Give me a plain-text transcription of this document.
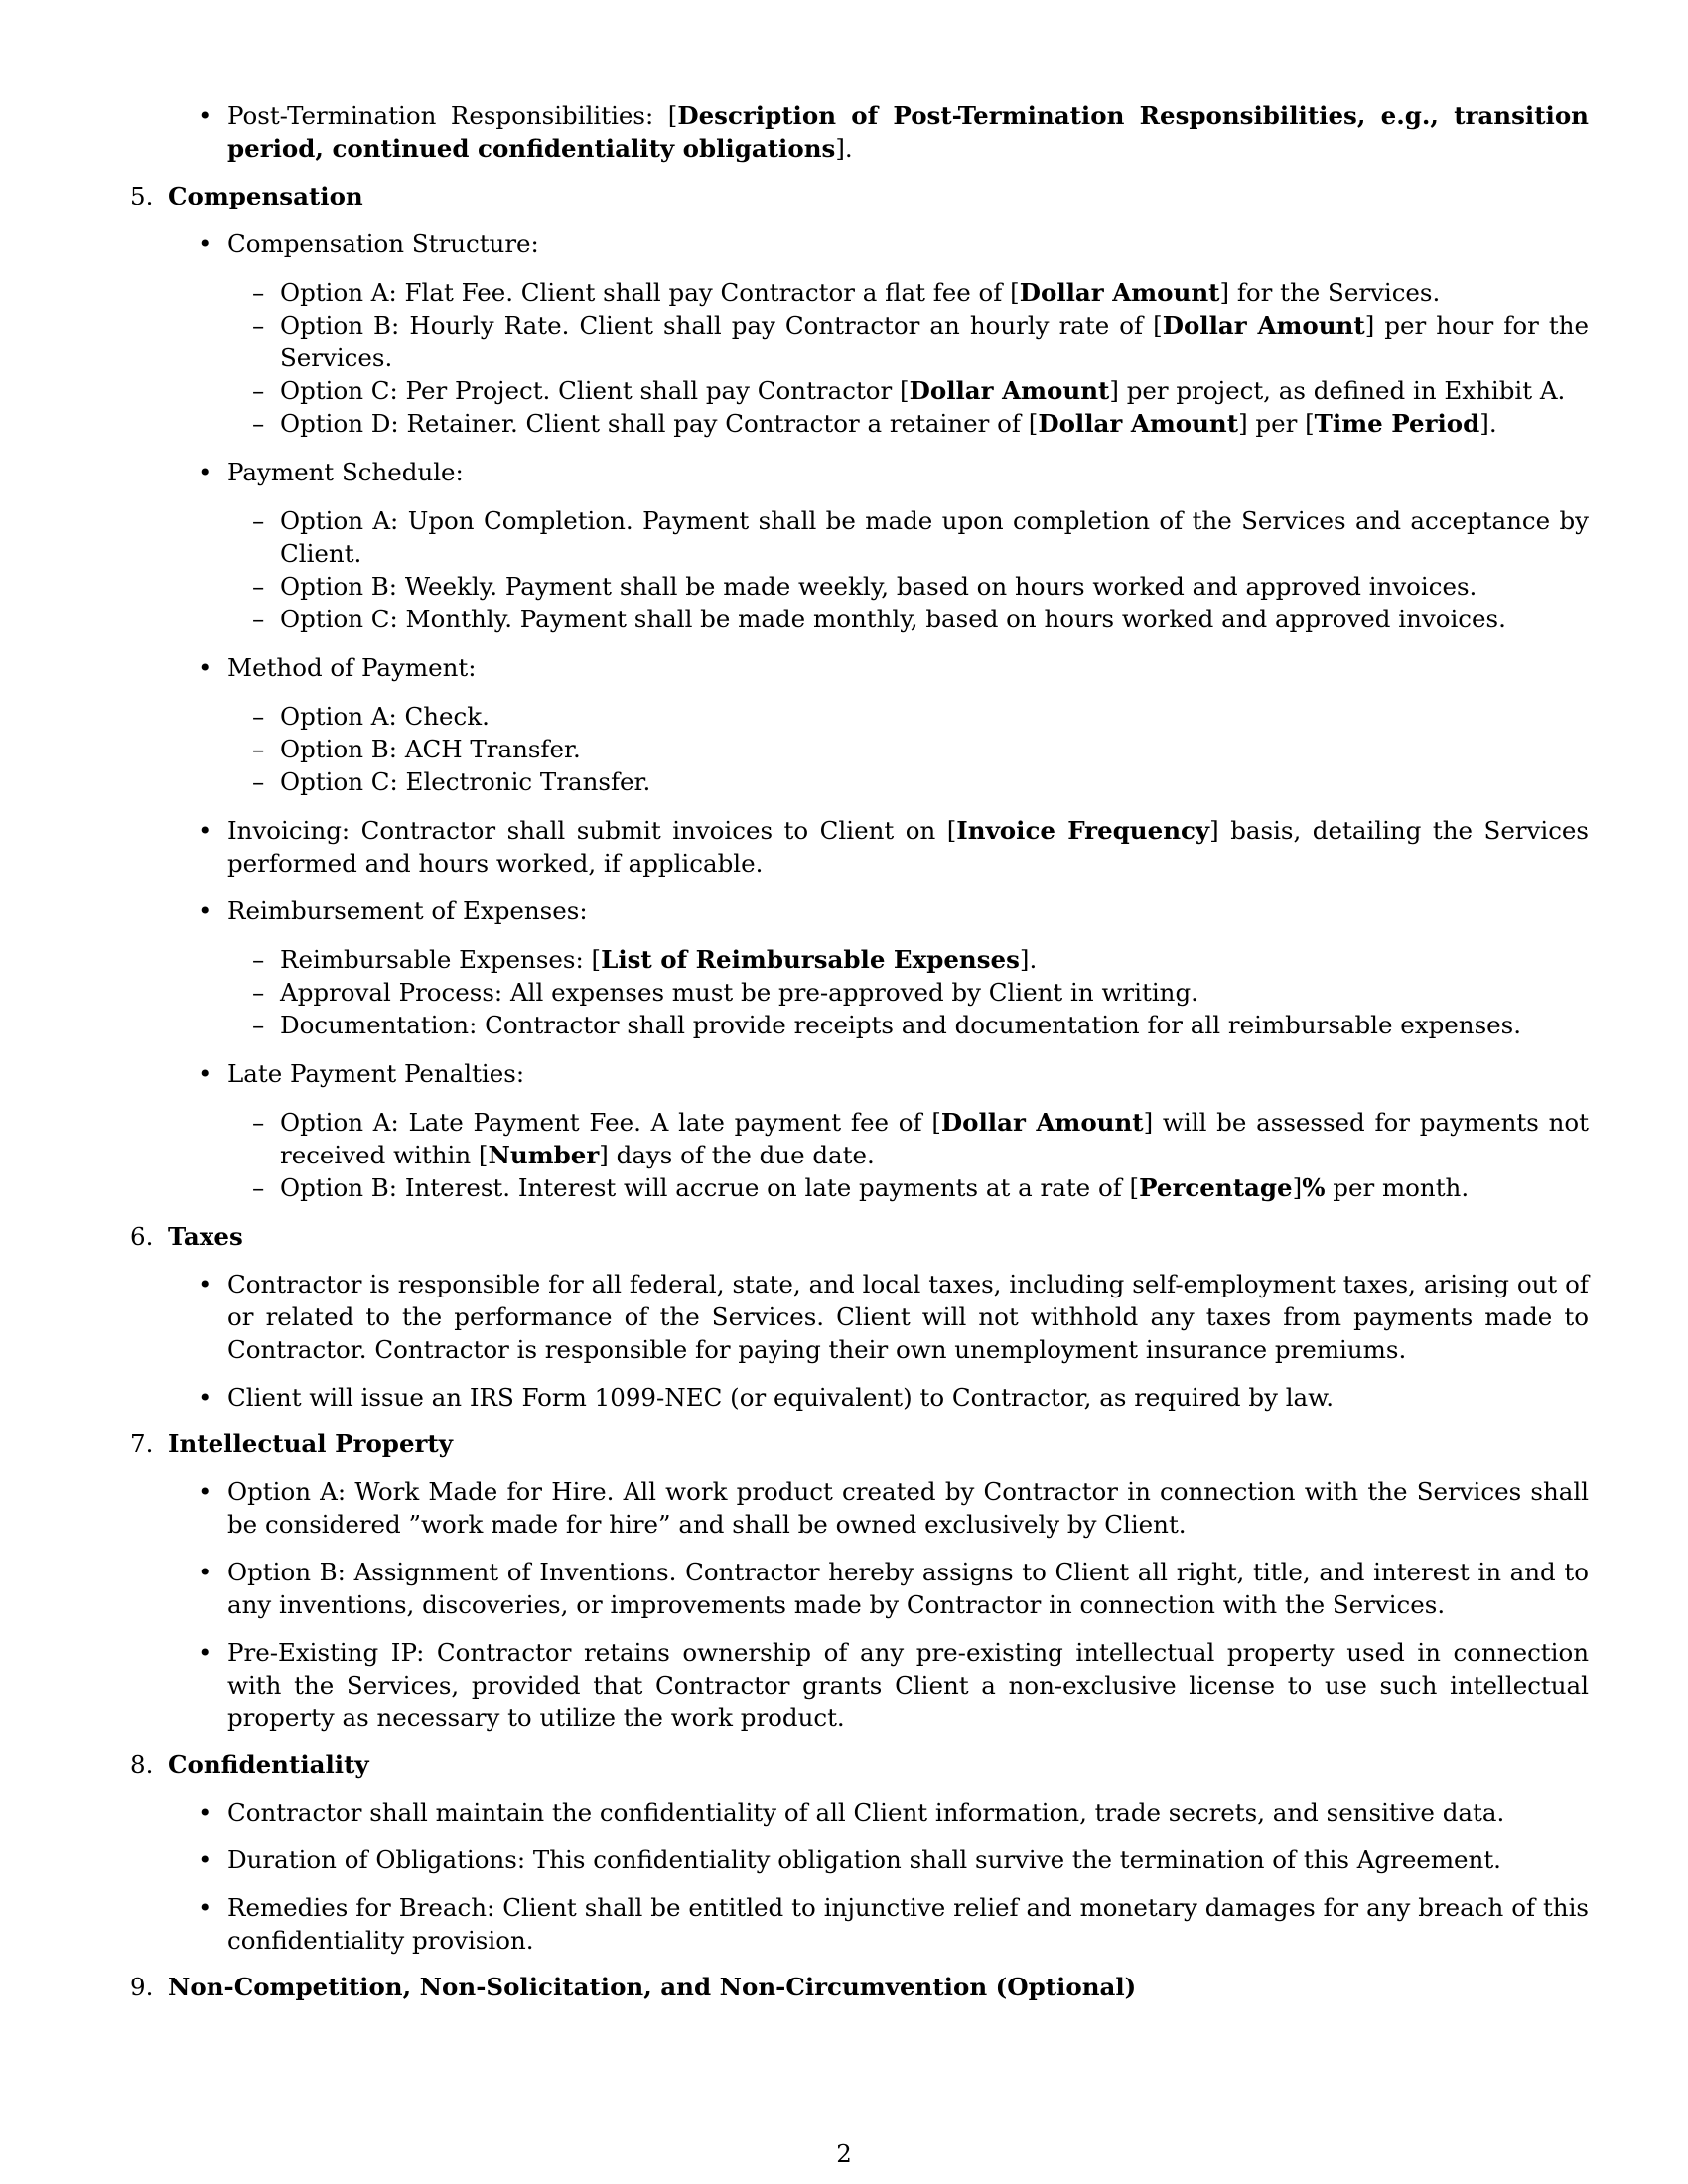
• Post-Termination Responsibilities: [Description of Post-Termination Responsibilities, e.g., transition period, continued confidentiality obligations].
5. Compensation
• Compensation Structure:
– Option A: Flat Fee. Client shall pay Contractor a flat fee of [Dollar Amount] for the Services.
– Option B: Hourly Rate. Client shall pay Contractor an hourly rate of [Dollar Amount] per hour for the Services.
– Option C: Per Project. Client shall pay Contractor [Dollar Amount] per project, as defined in Exhibit A.
– Option D: Retainer. Client shall pay Contractor a retainer of [Dollar Amount] per [Time Period].
• Payment Schedule:
– Option A: Upon Completion. Payment shall be made upon completion of the Services and acceptance by Client.
– Option B: Weekly. Payment shall be made weekly, based on hours worked and approved invoices.
– Option C: Monthly. Payment shall be made monthly, based on hours worked and approved invoices.
• Method of Payment:
– Option A: Check.
– Option B: ACH Transfer.
– Option C: Electronic Transfer.
• Invoicing: Contractor shall submit invoices to Client on [Invoice Frequency] basis, detailing the Services performed and hours worked, if applicable.
• Reimbursement of Expenses:
– Reimbursable Expenses: [List of Reimbursable Expenses].
– Approval Process: All expenses must be pre-approved by Client in writing.
– Documentation: Contractor shall provide receipts and documentation for all reimbursable expenses.
• Late Payment Penalties:
– Option A: Late Payment Fee. A late payment fee of [Dollar Amount] will be assessed for payments not received within [Number] days of the due date.
– Option B: Interest. Interest will accrue on late payments at a rate of [Percentage]% per month.
6. Taxes
• Contractor is responsible for all federal, state, and local taxes, including self-employment taxes, arising out of or related to the performance of the Services. Client will not withhold any taxes from payments made to Contractor. Contractor is responsible for paying their own unemployment insurance premiums.
• Client will issue an IRS Form 1099-NEC (or equivalent) to Contractor, as required by law.
7. Intellectual Property
• Option A: Work Made for Hire. All work product created by Contractor in connection with the Services shall be considered ”work made for hire” and shall be owned exclusively by Client.
• Option B: Assignment of Inventions. Contractor hereby assigns to Client all right, title, and interest in and to any inventions, discoveries, or improvements made by Contractor in connection with the Services.
• Pre-Existing IP: Contractor retains ownership of any pre-existing intellectual property used in connection with the Services, provided that Contractor grants Client a non-exclusive license to use such intellectual property as necessary to utilize the work product.
8. Confidentiality
• Contractor shall maintain the confidentiality of all Client information, trade secrets, and sensitive data.
• Duration of Obligations: This confidentiality obligation shall survive the termination of this Agreement.
• Remedies for Breach: Client shall be entitled to injunctive relief and monetary damages for any breach of this confidentiality provision.
9. Non-Competition, Non-Solicitation, and Non-Circumvention (Optional)
2
